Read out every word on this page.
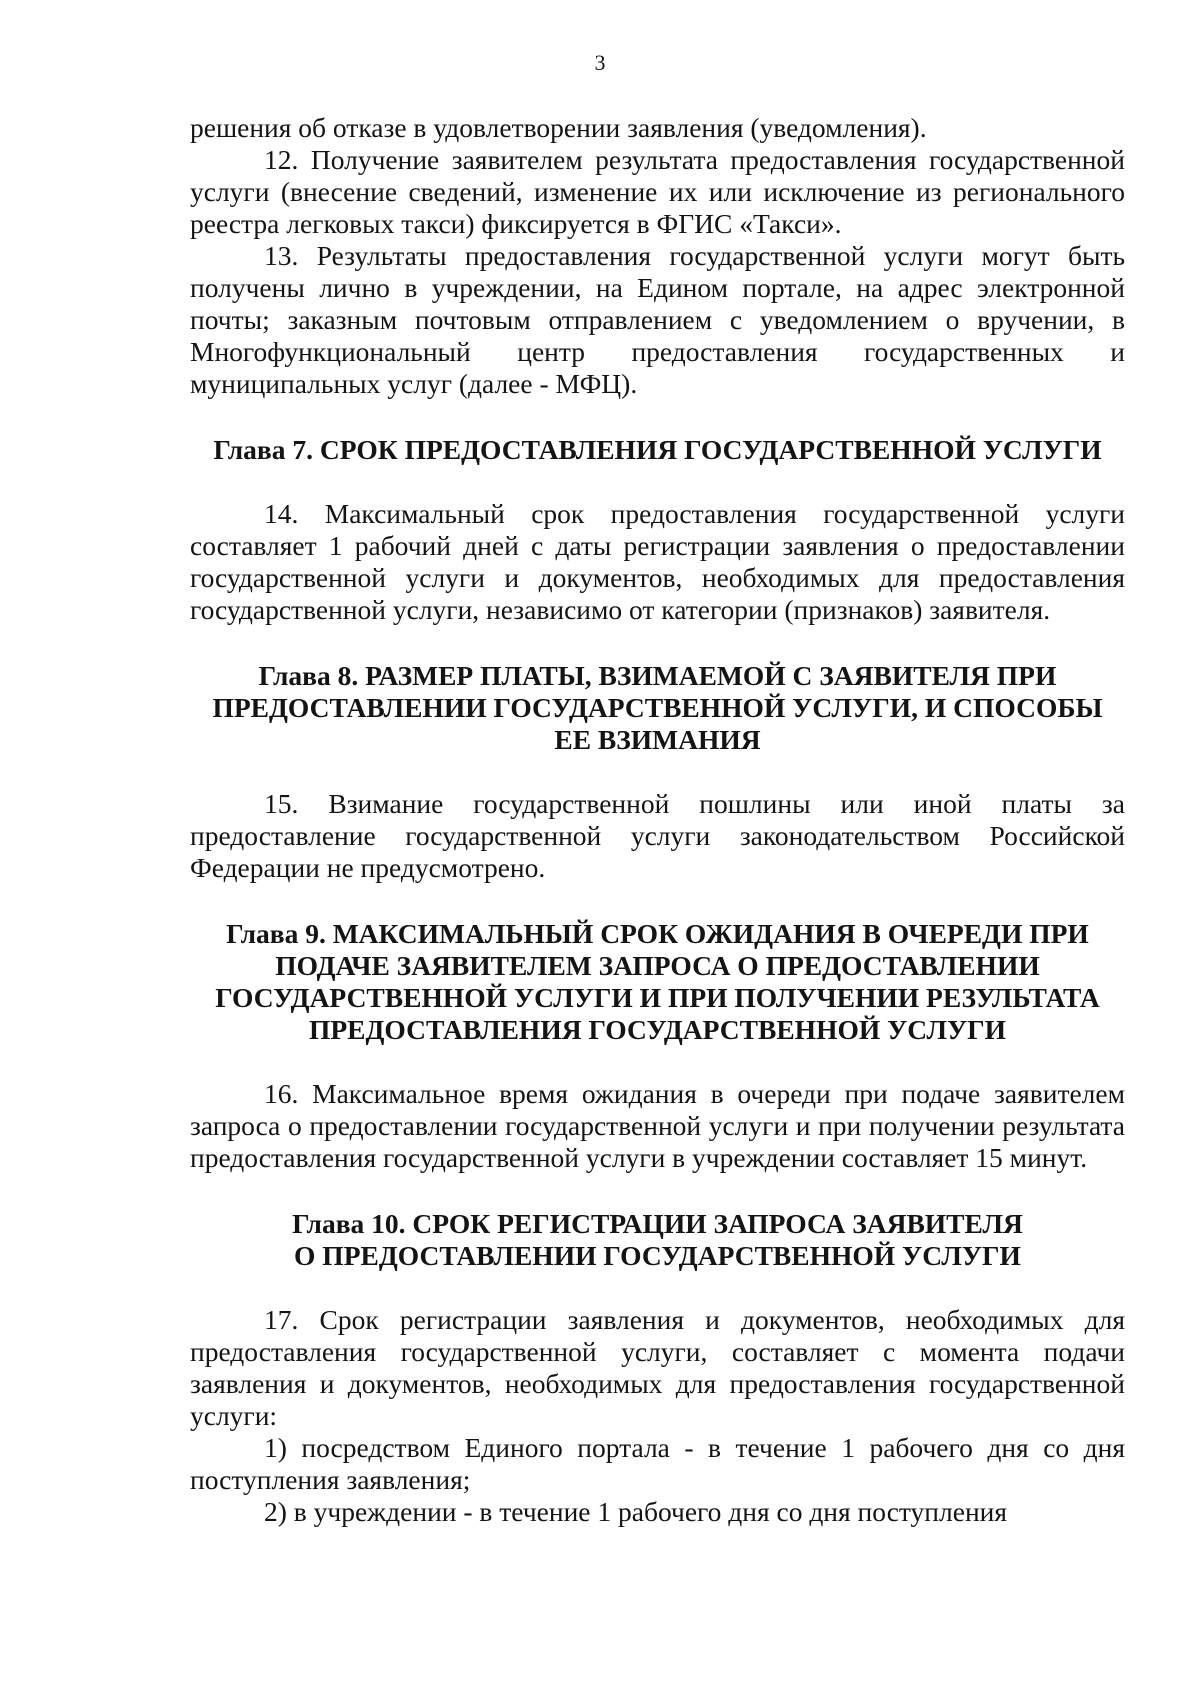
3

решения об отказе в удовлетворении заявления (уведомления).

12. Получение заявителем результата предоставления государственной услуги (внесение сведений, изменение их или исключение из регионального реестра легковых такси) фиксируется в ФГИС «Такси».

13. Результаты предоставления государственной услуги могут быть получены лично в учреждении, на Едином портале, на адрес электронной почты; заказным почтовым отправлением с уведомлением о вручении, в Многофункциональный центр предоставления государственных и муниципальных услуг (далее - МФЦ).

Глава 7. СРОК ПРЕДОСТАВЛЕНИЯ ГОСУДАРСТВЕННОЙ УСЛУГИ

14. Максимальный срок предоставления государственной услуги составляет 1 рабочий дней с даты регистрации заявления о предоставлении государственной услуги и документов, необходимых для предоставления государственной услуги, независимо от категории (признаков) заявителя.

Глава 8. РАЗМЕР ПЛАТЫ, ВЗИМАЕМОЙ С ЗАЯВИТЕЛЯ ПРИ
ПРЕДОСТАВЛЕНИИ ГОСУДАРСТВЕННОЙ УСЛУГИ, И СПОСОБЫ
ЕЕ ВЗИМАНИЯ

15. Взимание государственной пошлины или иной платы за предоставление государственной услуги законодательством Российской Федерации не предусмотрено.

Глава 9. МАКСИМАЛЬНЫЙ СРОК ОЖИДАНИЯ В ОЧЕРЕДИ ПРИ
ПОДАЧЕ ЗАЯВИТЕЛЕМ ЗАПРОСА О ПРЕДОСТАВЛЕНИИ
ГОСУДАРСТВЕННОЙ УСЛУГИ И ПРИ ПОЛУЧЕНИИ РЕЗУЛЬТАТА
ПРЕДОСТАВЛЕНИЯ ГОСУДАРСТВЕННОЙ УСЛУГИ

16. Максимальное время ожидания в очереди при подаче заявителем запроса о предоставлении государственной услуги и при получении результата предоставления государственной услуги в учреждении составляет 15 минут.

Глава 10. СРОК РЕГИСТРАЦИИ ЗАПРОСА ЗАЯВИТЕЛЯ
О ПРЕДОСТАВЛЕНИИ ГОСУДАРСТВЕННОЙ УСЛУГИ

17. Срок регистрации заявления и документов, необходимых для предоставления государственной услуги, составляет с момента подачи заявления и документов, необходимых для предоставления государственной услуги:

1) посредством Единого портала - в течение 1 рабочего дня со дня поступления заявления;

2) в учреждении - в течение 1 рабочего дня со дня поступления
